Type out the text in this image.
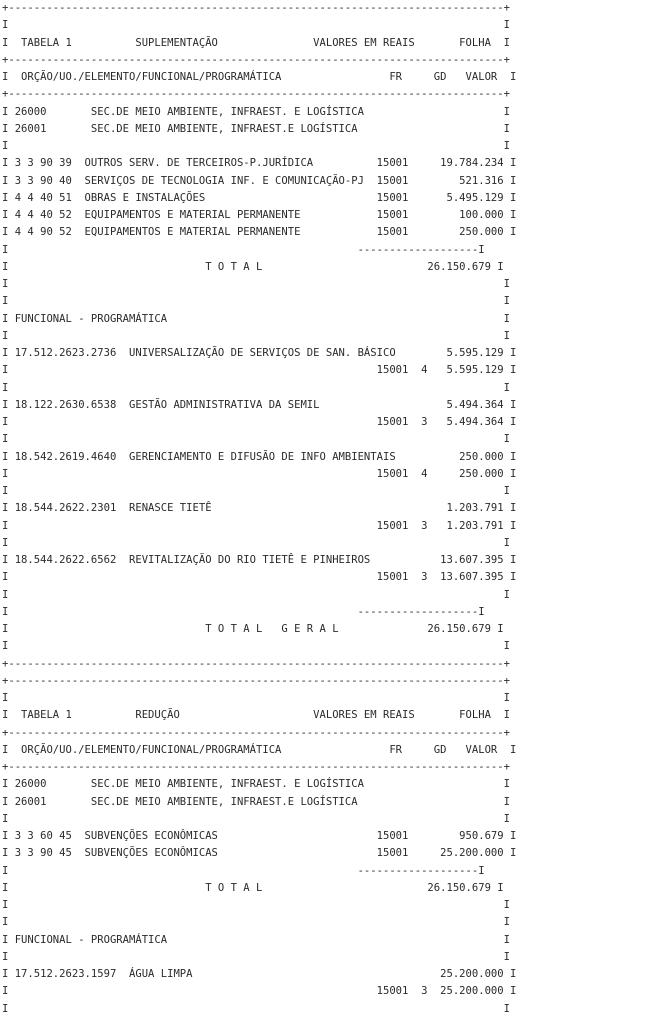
+------------------------------------------------------------------------------+
I                                                                              I
I  TABELA 1          SUPLEMENTAÇÃO               VALORES EM REAIS       FOLHA  I
+------------------------------------------------------------------------------+
I  ORÇÃO/UO./ELEMENTO/FUNCIONAL/PROGRAMÁTICA                 FR     GD   VALOR  I
+------------------------------------------------------------------------------+
I 26000       SEC.DE MEIO AMBIENTE, INFRAEST. E LOGÍSTICA                      I
I 26001       SEC.DE MEIO AMBIENTE, INFRAEST.E LOGÍSTICA                       I
I                                                                              I
I 3 3 90 39  OUTROS SERV. DE TERCEIROS-P.JURÍDICA          15001     19.784.234 I
I 3 3 90 40  SERVIÇOS DE TECNOLOGIA INF. E COMUNICAÇÃO-PJ  15001        521.316 I
I 4 4 40 51  OBRAS E INSTALAÇÕES                           15001      5.495.129 I
I 4 4 40 52  EQUIPAMENTOS E MATERIAL PERMANENTE            15001        100.000 I
I 4 4 90 52  EQUIPAMENTOS E MATERIAL PERMANENTE            15001        250.000 I
I                                                       -------------------I
I                               T O T A L                          26.150.679 I
I                                                                              I
I                                                                              I
I FUNCIONAL - PROGRAMÁTICA                                                     I
I                                                                              I
I 17.512.2623.2736  UNIVERSALIZAÇÃO DE SERVIÇOS DE SAN. BÁSICO        5.595.129 I
I                                                          15001  4   5.595.129 I
I                                                                              I
I 18.122.2630.6538  GESTÃO ADMINISTRATIVA DA SEMIL                    5.494.364 I
I                                                          15001  3   5.494.364 I
I                                                                              I
I 18.542.2619.4640  GERENCIAMENTO E DIFUSÃO DE INFO AMBIENTAIS          250.000 I
I                                                          15001  4     250.000 I
I                                                                              I
I 18.544.2622.2301  RENASCE TIETÊ                                     1.203.791 I
I                                                          15001  3   1.203.791 I
I                                                                              I
I 18.544.2622.6562  REVITALIZAÇÃO DO RIO TIETÊ E PINHEIROS           13.607.395 I
I                                                          15001  3  13.607.395 I
I                                                                              I
I                                                       -------------------I
I                               T O T A L   G E R A L              26.150.679 I
I                                                                              I
+------------------------------------------------------------------------------+
+------------------------------------------------------------------------------+
I                                                                              I
I  TABELA 1          REDUÇÃO                     VALORES EM REAIS       FOLHA  I
+------------------------------------------------------------------------------+
I  ORÇÃO/UO./ELEMENTO/FUNCIONAL/PROGRAMÁTICA                 FR     GD   VALOR  I
+------------------------------------------------------------------------------+
I 26000       SEC.DE MEIO AMBIENTE, INFRAEST. E LOGÍSTICA                      I
I 26001       SEC.DE MEIO AMBIENTE, INFRAEST.E LOGÍSTICA                       I
I                                                                              I
I 3 3 60 45  SUBVENÇÕES ECONÔMICAS                         15001        950.679 I
I 3 3 90 45  SUBVENÇÕES ECONÔMICAS                         15001     25.200.000 I
I                                                       -------------------I
I                               T O T A L                          26.150.679 I
I                                                                              I
I                                                                              I
I FUNCIONAL - PROGRAMÁTICA                                                     I
I                                                                              I
I 17.512.2623.1597  ÁGUA LIMPA                                       25.200.000 I
I                                                          15001  3  25.200.000 I
I                                                                              I
